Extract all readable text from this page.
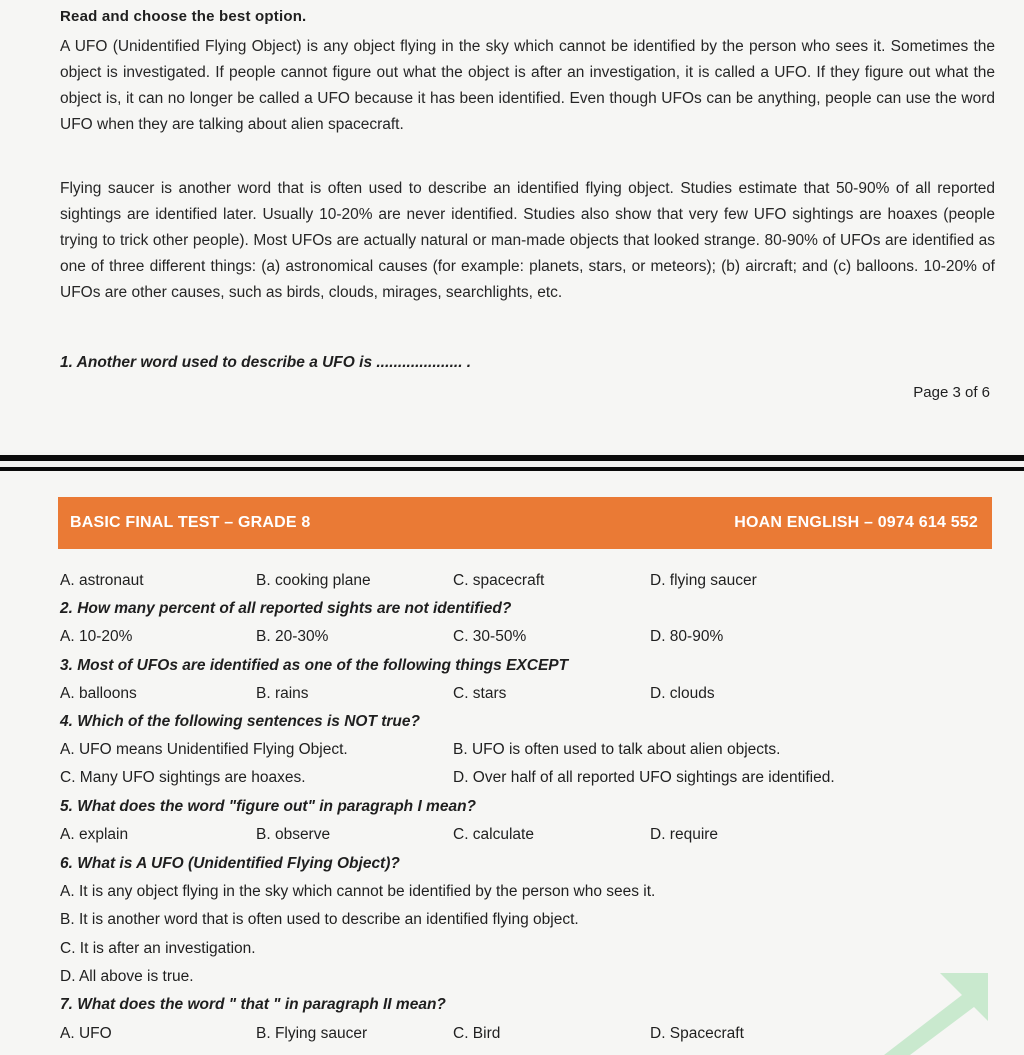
Read and choose the best option.
A UFO (Unidentified Flying Object) is any object flying in the sky which cannot be identified by the person who sees it. Sometimes the object is investigated. If people cannot figure out what the object is after an investigation, it is called a UFO. If they figure out what the object is, it can no longer be called a UFO because it has been identified. Even though UFOs can be anything, people can use the word UFO when they are talking about alien spacecraft.
Flying saucer is another word that is often used to describe an identified flying object. Studies estimate that 50-90% of all reported sightings are identified later. Usually 10-20% are never identified. Studies also show that very few UFO sightings are hoaxes (people trying to trick other people). Most UFOs are actually natural or man-made objects that looked strange. 80-90% of UFOs are identified as one of three different things: (a) astronomical causes (for example: planets, stars, or meteors); (b) aircraft; and (c) balloons. 10-20% of UFOs are other causes, such as birds, clouds, mirages, searchlights, etc.
1. Another word used to describe a UFO is .................... .
Page 3 of 6
BASIC FINAL TEST – GRADE 8	HOAN ENGLISH – 0974 614 552
A. astronaut	B. cooking plane	C. spacecraft	D. flying saucer
2. How many percent of all reported sights are not identified?
A. 10-20%	B. 20-30%	C. 30-50%	D. 80-90%
3. Most of UFOs are identified as one of the following things EXCEPT
A. balloons	B. rains	C. stars	D. clouds
4. Which of the following sentences is NOT true?
A. UFO means Unidentified Flying Object.	B. UFO is often used to talk about alien objects.
C. Many UFO sightings are hoaxes.	D. Over half of all reported UFO sightings are identified.
5. What does the word "figure out" in paragraph I mean?
A. explain	B. observe	C. calculate	D. require
6. What is A UFO (Unidentified Flying Object)?
A. It is any object flying in the sky which cannot be identified by the person who sees it.
B. It is another word that is often used to describe an identified flying object.
C. It is after an investigation.
D. All above is true.
7. What does the word " that " in paragraph II mean?
A. UFO	B. Flying saucer	C. Bird	D. Spacecraft
